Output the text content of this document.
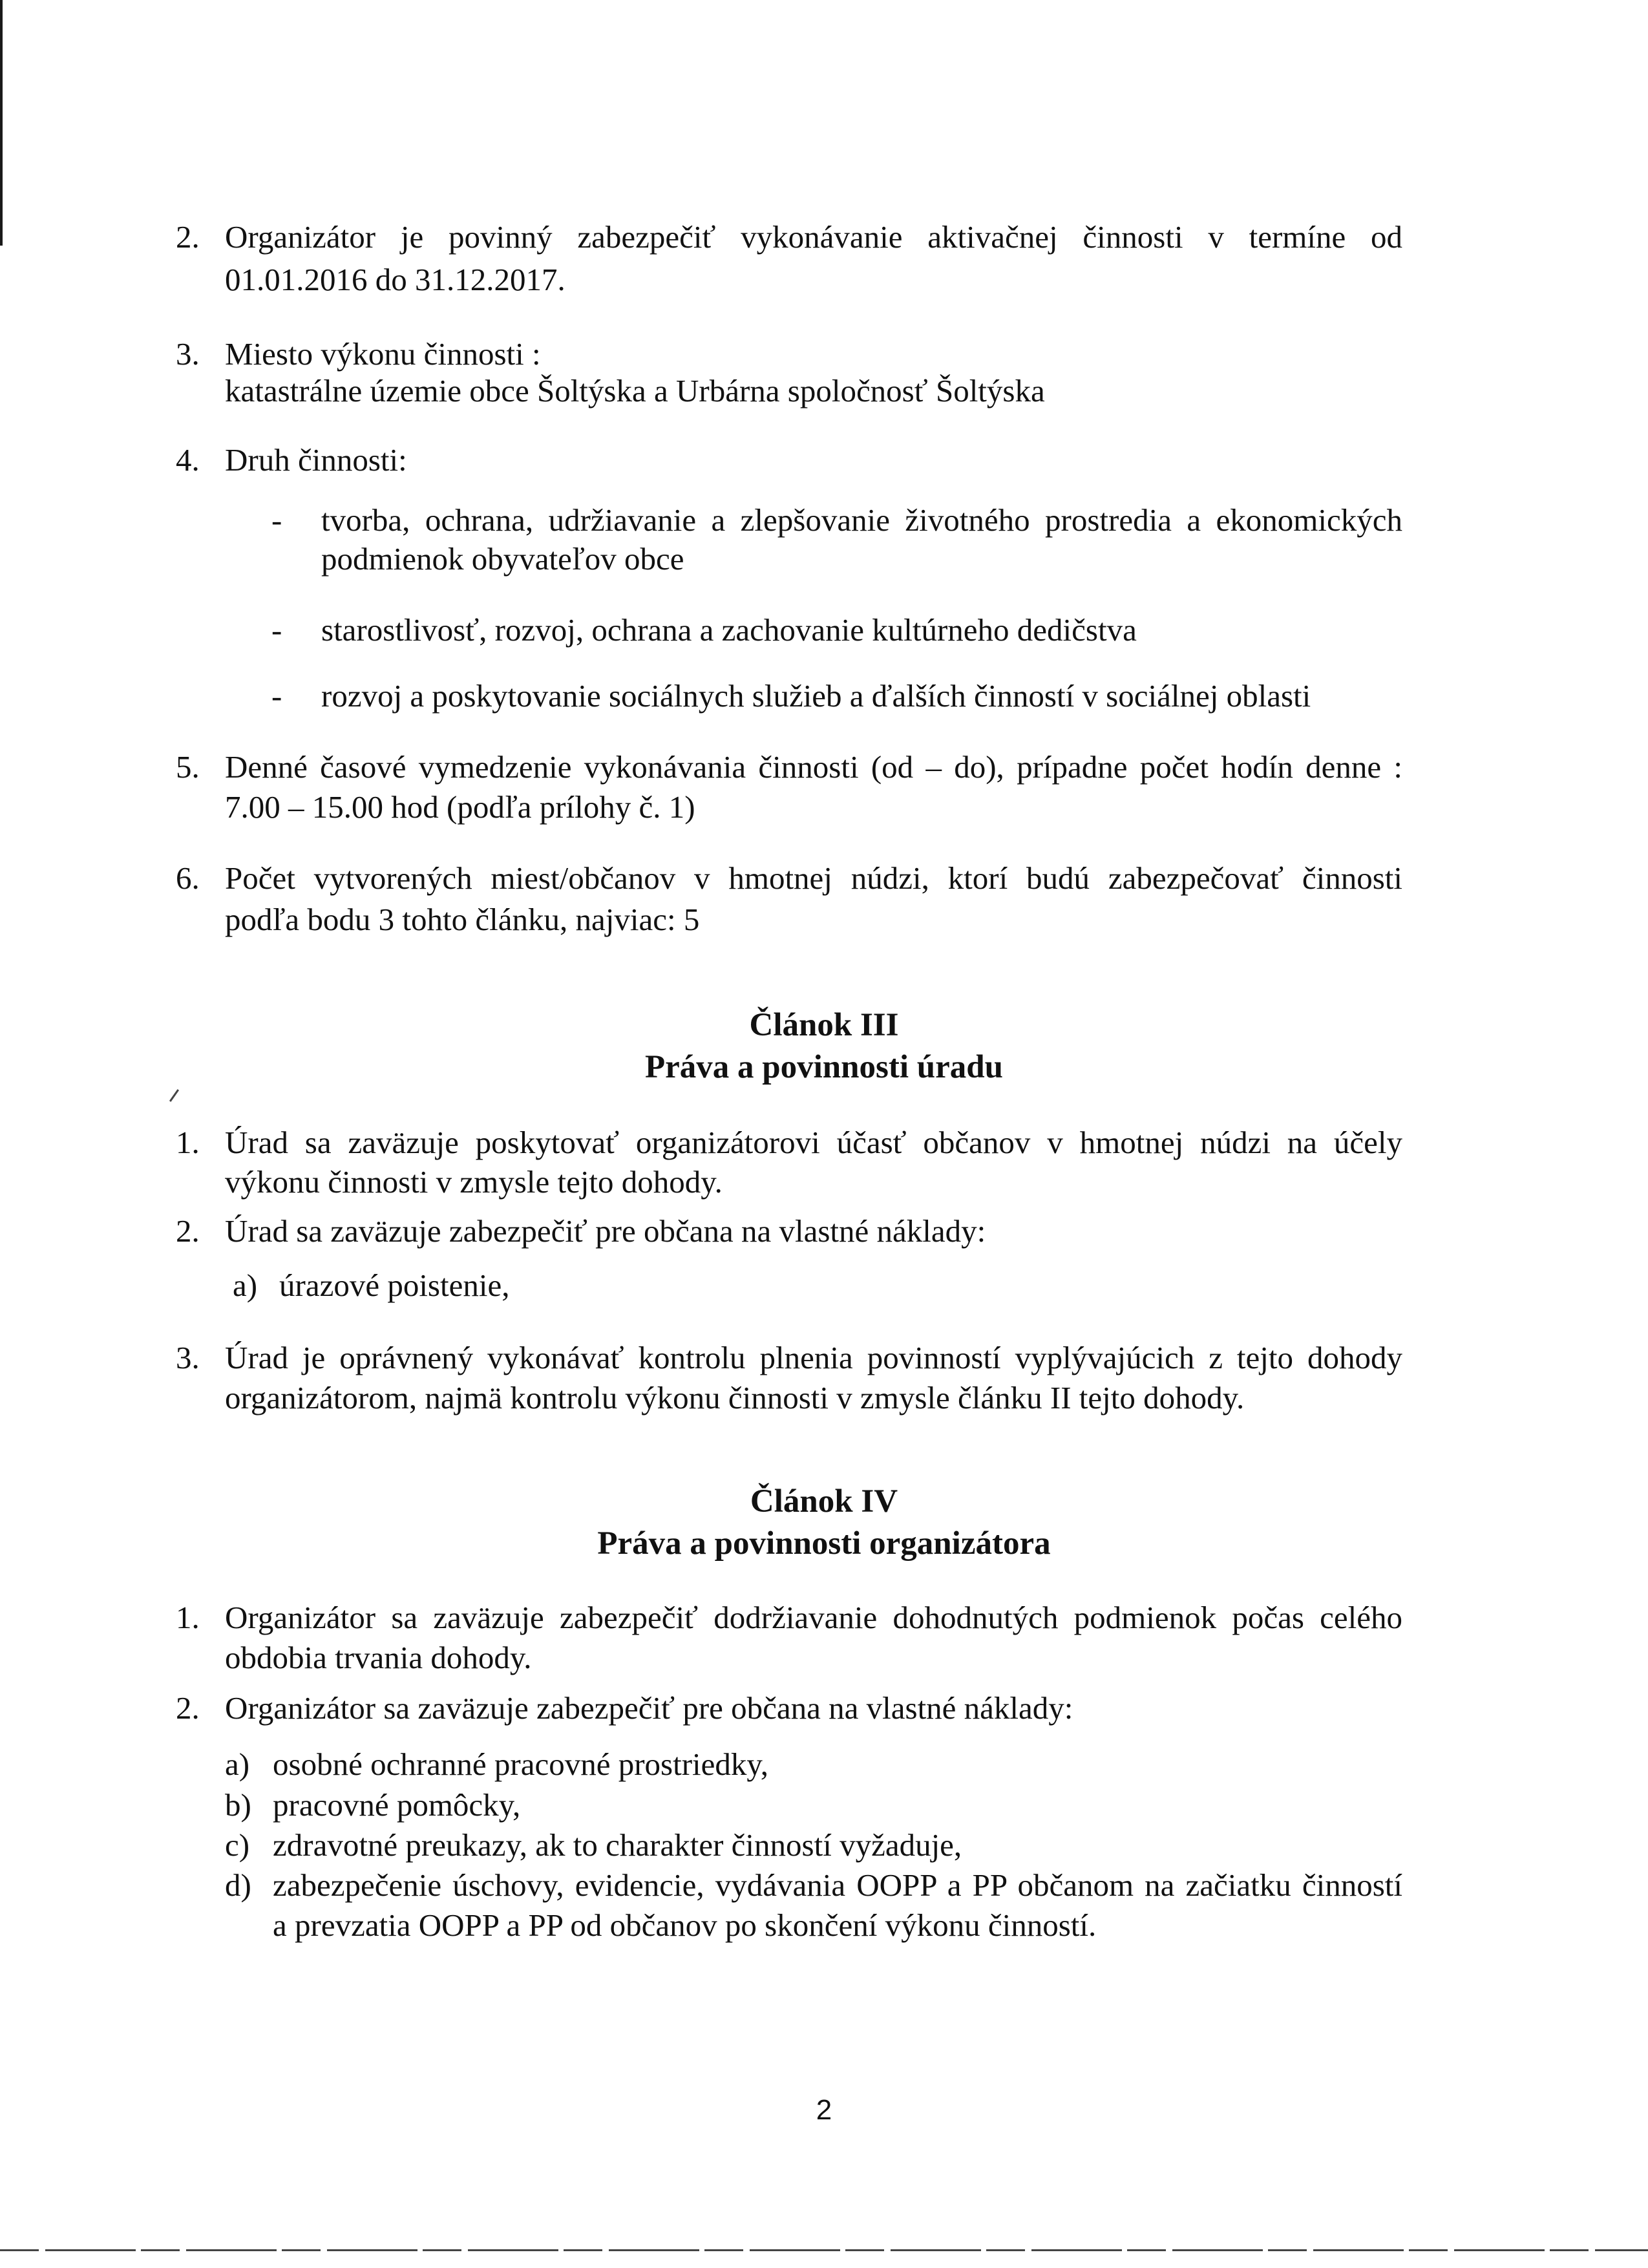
2. Organizátor je povinný zabezpečiť vykonávanie aktivačnej činnosti v termíne od
01.01.2016 do 31.12.2017.
3. Miesto výkonu činnosti :
katastrálne územie obce Šoltýska a Urbárna spoločnosť Šoltýska
4. Druh činnosti:
- tvorba, ochrana, udržiavanie a zlepšovanie životného prostredia a ekonomických
podmienok obyvateľov obce
- starostlivosť, rozvoj, ochrana a zachovanie kultúrneho dedičstva
- rozvoj a poskytovanie sociálnych služieb a ďalších činností v sociálnej oblasti
5. Denné časové vymedzenie vykonávania činnosti (od – do), prípadne počet hodín denne :
7.00 – 15.00 hod (podľa prílohy č. 1)
6. Počet vytvorených miest/občanov v hmotnej núdzi, ktorí budú zabezpečovať činnosti
podľa bodu 3 tohto článku, najviac: 5
Článok III
Práva a povinnosti úradu
1. Úrad sa zaväzuje poskytovať organizátorovi účasť občanov v hmotnej núdzi na účely
výkonu činnosti v zmysle tejto dohody.
2. Úrad sa zaväzuje zabezpečiť pre občana na vlastné náklady:
a) úrazové poistenie,
3. Úrad je oprávnený vykonávať kontrolu plnenia povinností vyplývajúcich z tejto dohody
organizátorom, najmä kontrolu výkonu činnosti v zmysle článku II tejto dohody.
Článok IV
Práva a povinnosti organizátora
1. Organizátor sa zaväzuje zabezpečiť dodržiavanie dohodnutých podmienok počas celého
obdobia trvania dohody.
2. Organizátor sa zaväzuje zabezpečiť pre občana na vlastné náklady:
a) osobné ochranné pracovné prostriedky,
b) pracovné pomôcky,
c) zdravotné preukazy, ak to charakter činností vyžaduje,
d) zabezpečenie úschovy, evidencie, vydávania OOPP a PP občanom na začiatku činností
a prevzatia OOPP a PP od občanov po skončení výkonu činností.
2
